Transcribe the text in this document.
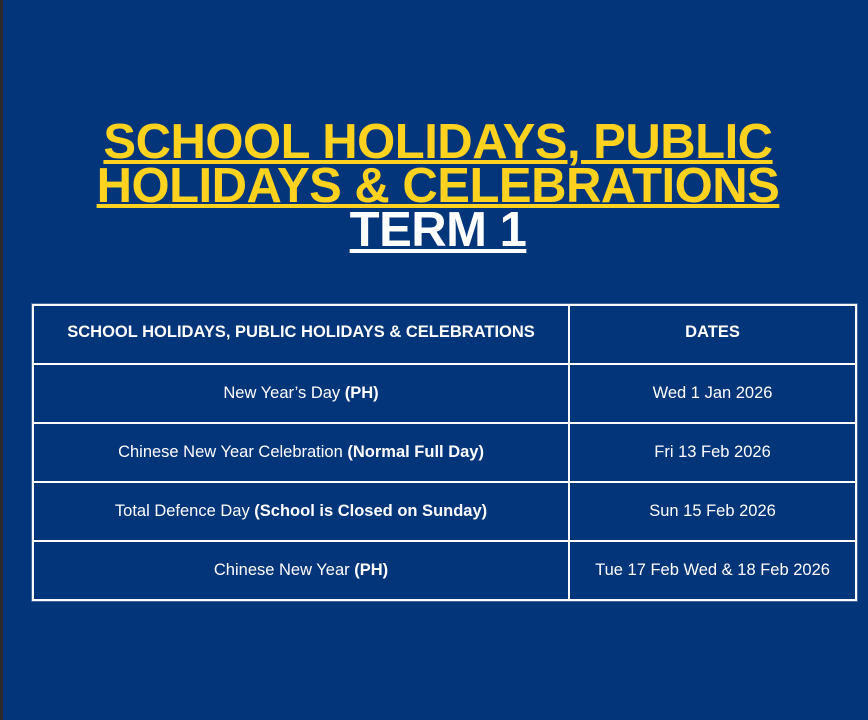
SCHOOL HOLIDAYS, PUBLIC
HOLIDAYS & CELEBRATIONS
TERM 1
SCHOOL HOLIDAYS, PUBLIC HOLIDAYS & CELEBRATIONS	DATES
New Year’s Day (PH)	Wed 1 Jan 2026
Chinese New Year Celebration (Normal Full Day)	Fri 13 Feb 2026
Total Defence Day (School is Closed on Sunday)	Sun 15 Feb 2026
Chinese New Year (PH)	Tue 17 Feb Wed & 18 Feb 2026
